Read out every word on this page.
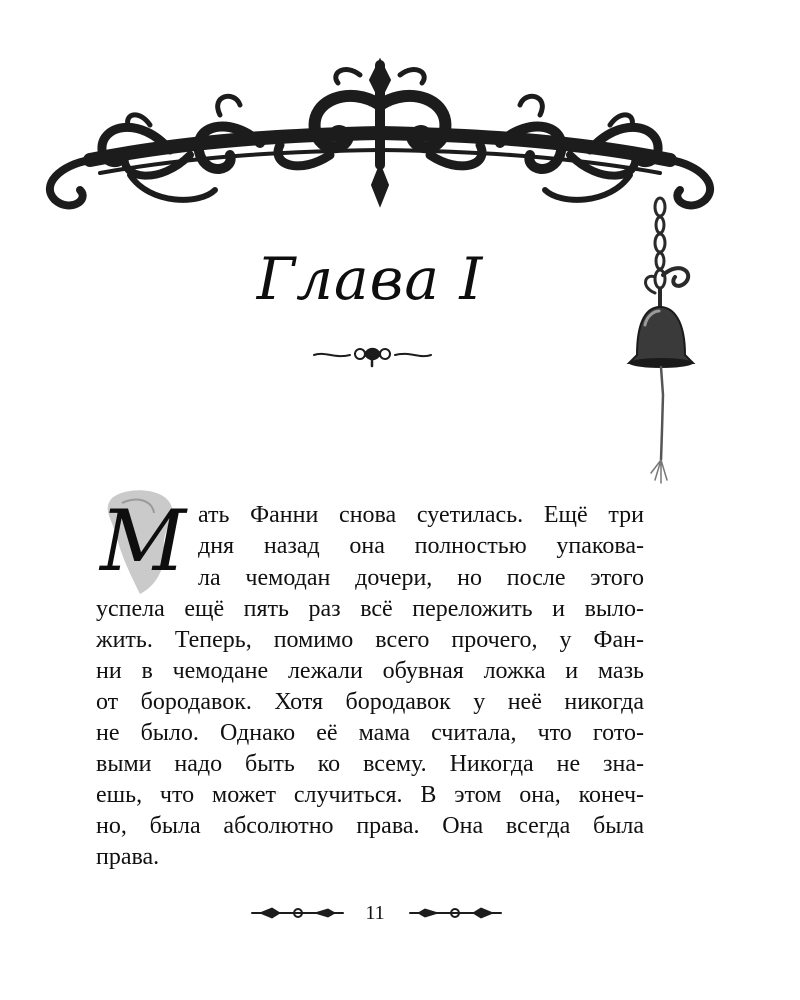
Глава I
М ать Фанни снова суетилась. Ещё три
дня назад она полностью упакова-
ла чемодан дочери, но после этого
успела ещё пять раз всё переложить и выло-
жить. Теперь, помимо всего прочего, у Фан-
ни в чемодане лежали обувная ложка и мазь
от бородавок. Хотя бородавок у неё никогда
не было. Однако её мама считала, что гото-
выми надо быть ко всему. Никогда не зна-
ешь, что может случиться. В этом она, конеч-
но, была абсолютно права. Она всегда была
права.
11
